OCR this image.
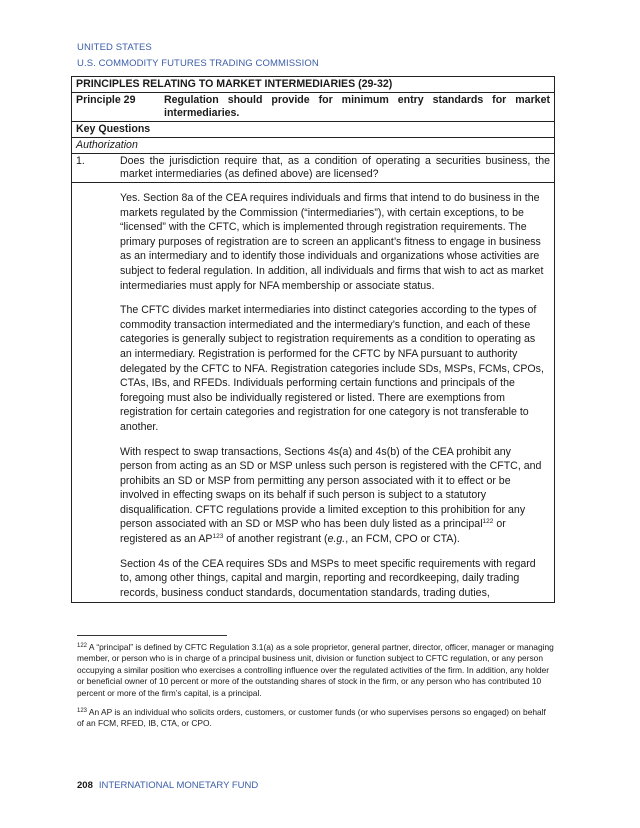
UNITED STATES
U.S. COMMODITY FUTURES TRADING COMMISSION
PRINCIPLES RELATING TO MARKET INTERMEDIARIES (29-32)
Principle 29	Regulation should provide for minimum entry standards for market intermediaries.
Key Questions
Authorization
1.	Does the jurisdiction require that, as a condition of operating a securities business, the market intermediaries (as defined above) are licensed?

Yes. Section 8a of the CEA requires individuals and firms that intend to do business in the markets regulated by the Commission (“intermediaries”), with certain exceptions, to be “licensed” with the CFTC, which is implemented through registration requirements. The primary purposes of registration are to screen an applicant’s fitness to engage in business as an intermediary and to identify those individuals and organizations whose activities are subject to federal regulation. In addition, all individuals and firms that wish to act as market intermediaries must apply for NFA membership or associate status.

The CFTC divides market intermediaries into distinct categories according to the types of commodity transaction intermediated and the intermediary’s function, and each of these categories is generally subject to registration requirements as a condition to operating as an intermediary. Registration is performed for the CFTC by NFA pursuant to authority delegated by the CFTC to NFA. Registration categories include SDs, MSPs, FCMs, CPOs, CTAs, IBs, and RFEDs. Individuals performing certain functions and principals of the foregoing must also be individually registered or listed. There are exemptions from registration for certain categories and registration for one category is not transferable to another.

With respect to swap transactions, Sections 4s(a) and 4s(b) of the CEA prohibit any person from acting as an SD or MSP unless such person is registered with the CFTC, and prohibits an SD or MSP from permitting any person associated with it to effect or be involved in effecting swaps on its behalf if such person is subject to a statutory disqualification. CFTC regulations provide a limited exception to this prohibition for any person associated with an SD or MSP who has been duly listed as a principal$^{122}$ or registered as an AP$^{123}$ of another registrant (e.g., an FCM, CPO or CTA).

Section 4s of the CEA requires SDs and MSPs to meet specific requirements with regard to, among other things, capital and margin, reporting and recordkeeping, daily trading records, business conduct standards, documentation standards, trading duties,

$^{122}$ A “principal” is defined by CFTC Regulation 3.1(a) as a sole proprietor, general partner, director, officer, manager or managing member, or person who is in charge of a principal business unit, division or function subject to CFTC regulation, or any person occupying a similar position who exercises a controlling influence over the regulated activities of the firm. In addition, any holder or beneficial owner of 10 percent or more of the outstanding shares of stock in the firm, or any person who has contributed 10 percent or more of the firm’s capital, is a principal.
$^{123}$ An AP is an individual who solicits orders, customers, or customer funds (or who supervises persons so engaged) on behalf of an FCM, RFED, IB, CTA, or CPO.
208 INTERNATIONAL MONETARY FUND
